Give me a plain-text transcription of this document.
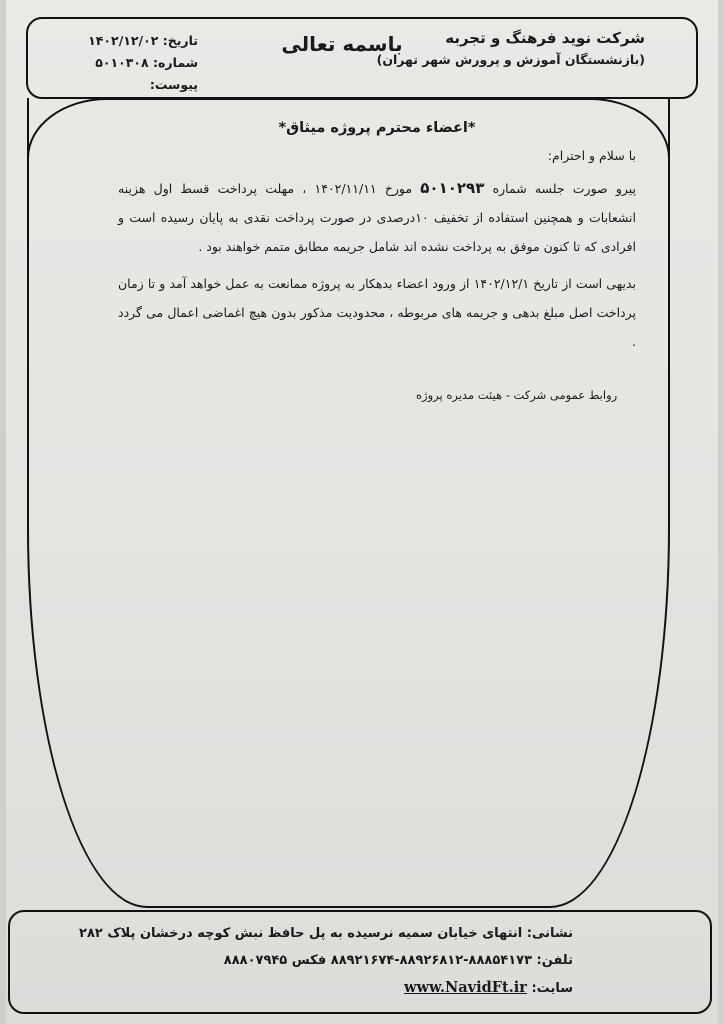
باسمه تعالی	شرکت نوید فرهنگ و تجربه
(بازنشستگان آموزش و پرورش شهر تهران)
تاریخ: ۱۴۰۲/۱۲/۰۲
شماره: ۵۰۱۰۳۰۸
پیوست:
*اعضاء محترم پروژه میثاق*
با سلام و احترام:
پیرو صورت جلسه شماره ۵۰۱۰۲۹۳ مورخ ۱۴۰۲/۱۱/۱۱ ، مهلت پرداخت قسط اول هزینه انشعابات و همچنین استفاده از تخفیف ۱۰درصدی در صورت پرداخت نقدی به پایان رسیده است و افرادی که تا کنون موفق به پرداخت نشده اند شامل جریمه مطابق متمم خواهند بود .
بدیهی است از تاریخ ۱۴۰۲/۱۲/۱ از ورود اعضاء بدهکار به پروژه ممانعت به عمل خواهد آمد و تا زمان پرداخت اصل مبلغ بدهی و جریمه های مربوطه ، محدودیت مذکور بدون هیچ اغماضی اعمال می گردد .
روابط عمومی شرکت - هیئت مدیره پروژه
نشانی: انتهای خیابان سمیه نرسیده به پل حافظ نبش کوچه درخشان پلاک ۲۸۲
تلفن: ۸۸۸۵۴۱۷۳-۸۸۹۲۶۸۱۲-۸۸۹۲۱۶۷۴ فکس ۸۸۸۰۷۹۴۵
سایت: www.NavidFt.ir
